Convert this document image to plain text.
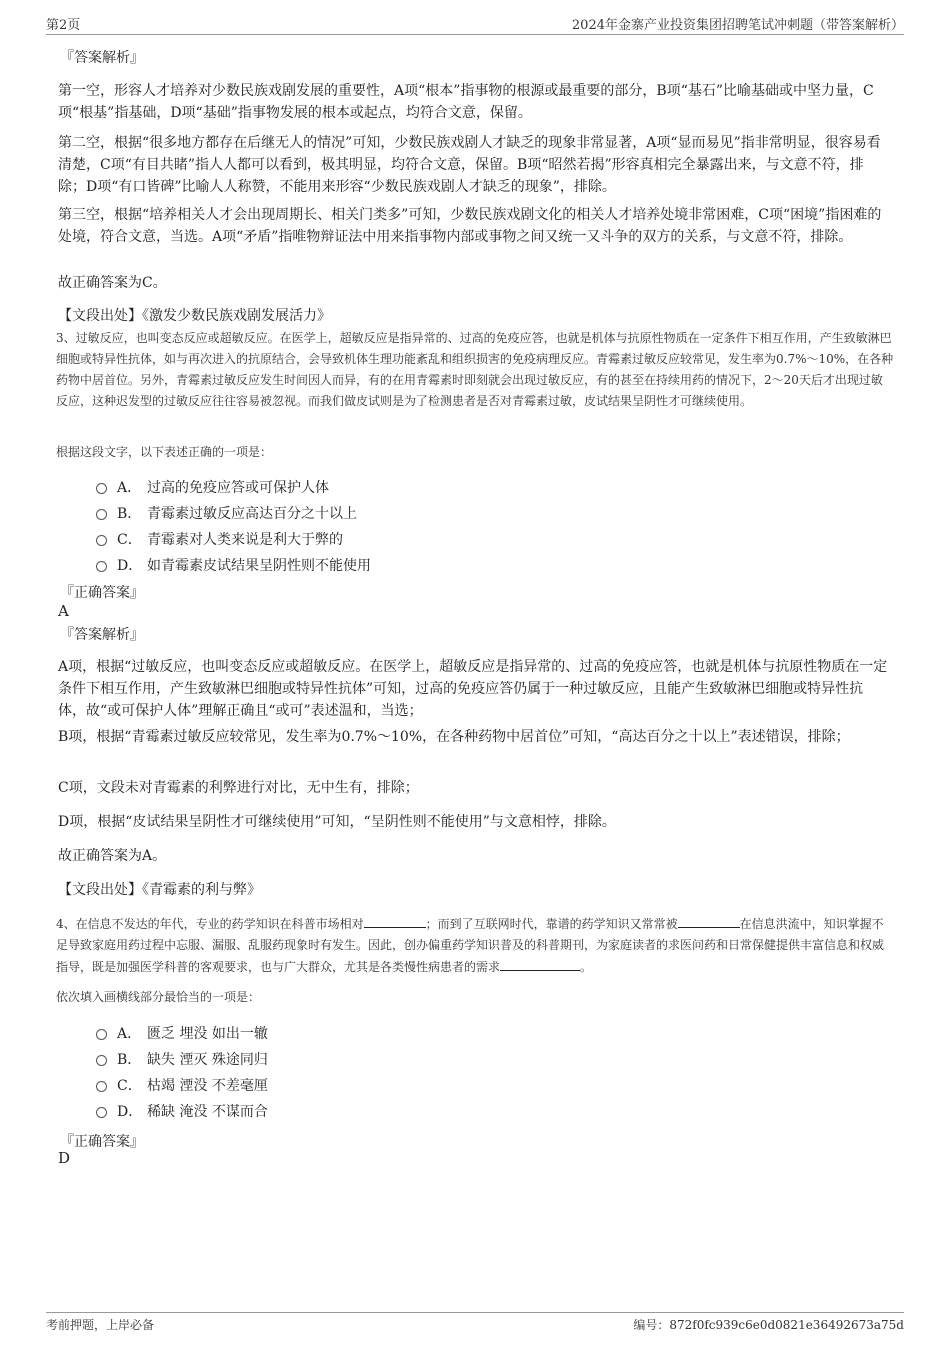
第2页	2024年金寨产业投资集团招聘笔试冲刺题（带答案解析）
『答案解析』
第一空，形容人才培养对少数民族戏剧发展的重要性，A项“根本”指事物的根源或最重要的部分，B项“基石”比喻基础或中坚力量，C项“根基”指基础，D项“基础”指事物发展的根本或起点，均符合文意，保留。
第二空，根据“很多地方都存在后继无人的情况”可知，少数民族戏剧人才缺乏的现象非常显著，A项“显而易见”指非常明显，很容易看清楚，C项“有目共睹”指人人都可以看到，极其明显，均符合文意，保留。B项“昭然若揭”形容真相完全暴露出来，与文意不符，排除；D项“有口皆碑”比喻人人称赞，不能用来形容“少数民族戏剧人才缺乏的现象”，排除。
第三空，根据“培养相关人才会出现周期长、相关门类多”可知，少数民族戏剧文化的相关人才培养处境非常困难，C项“困境”指困难的处境，符合文意，当选。A项“矛盾”指唯物辩证法中用来指事物内部或事物之间又统一又斗争的双方的关系，与文意不符，排除。
故正确答案为C。
【文段出处】《激发少数民族戏剧发展活力》
3、过敏反应，也叫变态反应或超敏反应。在医学上，超敏反应是指异常的、过高的免疫应答，也就是机体与抗原性物质在一定条件下相互作用，产生致敏淋巴细胞或特异性抗体，如与再次进入的抗原结合，会导致机体生理功能紊乱和组织损害的免疫病理反应。青霉素过敏反应较常见，发生率为0.7%～10%，在各种药物中居首位。另外，青霉素过敏反应发生时间因人而异，有的在用青霉素时即刻就会出现过敏反应，有的甚至在持续用药的情况下，2～20天后才出现过敏反应，这种迟发型的过敏反应往往容易被忽视。而我们做皮试则是为了检测患者是否对青霉素过敏，皮试结果呈阴性才可继续使用。
根据这段文字，以下表述正确的一项是：
A． 过高的免疫应答或可保护人体
B． 青霉素过敏反应高达百分之十以上
C． 青霉素对人类来说是利大于弊的
D． 如青霉素皮试结果呈阴性则不能使用
『正确答案』
A
『答案解析』
A项，根据“过敏反应，也叫变态反应或超敏反应。在医学上，超敏反应是指异常的、过高的免疫应答，也就是机体与抗原性物质在一定条件下相互作用，产生致敏淋巴细胞或特异性抗体”可知，过高的免疫应答仍属于一种过敏反应，且能产生致敏淋巴细胞或特异性抗体，故“或可保护人体”理解正确且“或可”表述温和，当选；
B项，根据“青霉素过敏反应较常见，发生率为0.7%～10%，在各种药物中居首位”可知，“高达百分之十以上”表述错误，排除；
C项，文段未对青霉素的利弊进行对比，无中生有，排除；
D项，根据“皮试结果呈阴性才可继续使用”可知，“呈阴性则不能使用”与文意相悖，排除。
故正确答案为A。
【文段出处】《青霉素的利与弊》
4、在信息不发达的年代，专业的药学知识在科普市场相对	；而到了互联网时代，靠谱的药学知识又常常被	在信息洪流中，知识掌握不足导致家庭用药过程中忘服、漏服、乱服药现象时有发生。因此，创办偏重药学知识普及的科普期刊，为家庭读者的求医问药和日常保健提供丰富信息和权威指导，既是加强医学科普的客观要求，也与广大群众，尤其是各类慢性病患者的需求	。
依次填入画横线部分最恰当的一项是：
A． 匮乏 埋没 如出一辙
B． 缺失 湮灭 殊途同归
C． 枯竭 湮没 不差毫厘
D． 稀缺 淹没 不谋而合
『正确答案』
D
考前押题，上岸必备	编号：872f0fc939c6e0d0821e36492673a75d
